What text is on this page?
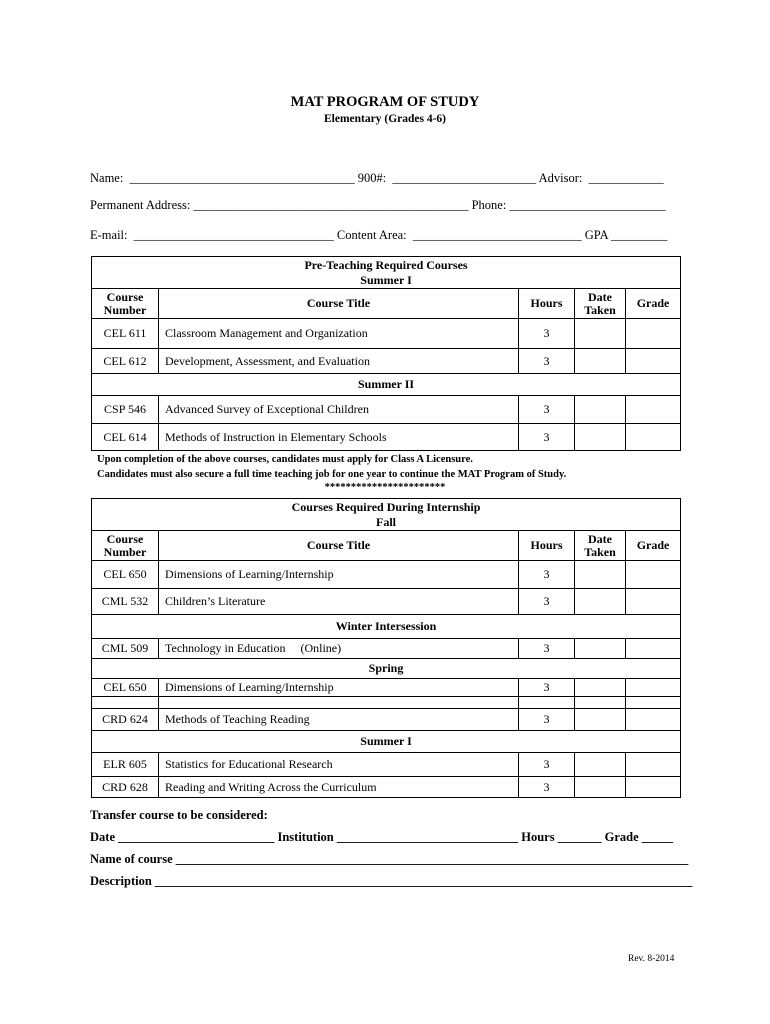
MAT PROGRAM OF STUDY
Elementary (Grades 4-6)
Name:  ____________________________________ 900#:  _______________________ Advisor:  ____________
Permanent Address: ____________________________________________ Phone: _________________________
E-mail:  ________________________________ Content Area:  ___________________________ GPA _________
Pre-Teaching Required Courses
Summer I				

Course Number	Course Title	Hours	Date Taken	Grade
CEL 611	Classroom Management and Organization	3		
CEL 612	Development, Assessment, and Evaluation	3		
Summer II				
CSP 546	Advanced Survey of Exceptional Children	3		
CEL 614	Methods of Instruction in Elementary Schools	3		
Upon completion of the above courses, candidates must apply for Class A Licensure.
Candidates must also secure a full time teaching job for one year to continue the MAT Program of Study.
***********************
Courses Required During Internship
Fall				

Course Number	Course Title	Hours	Date Taken	Grade
CEL 650	Dimensions of Learning/Internship	3		
CML 532	Children’s Literature	3		
Winter Intersession				
CML 509	Technology in Education     (Online)	3		
Spring				
CEL 650	Dimensions of Learning/Internship	3		

CRD 624	Methods of Teaching Reading	3		
Summer I				
ELR 605	Statistics for Educational Research	3		
CRD 628	Reading and Writing Across the Curriculum	3		
Transfer course to be considered:
Date _________________________ Institution _____________________________ Hours _______ Grade _____
Name of course __________________________________________________________________________________
Description ______________________________________________________________________________________
Rev. 8-2014
